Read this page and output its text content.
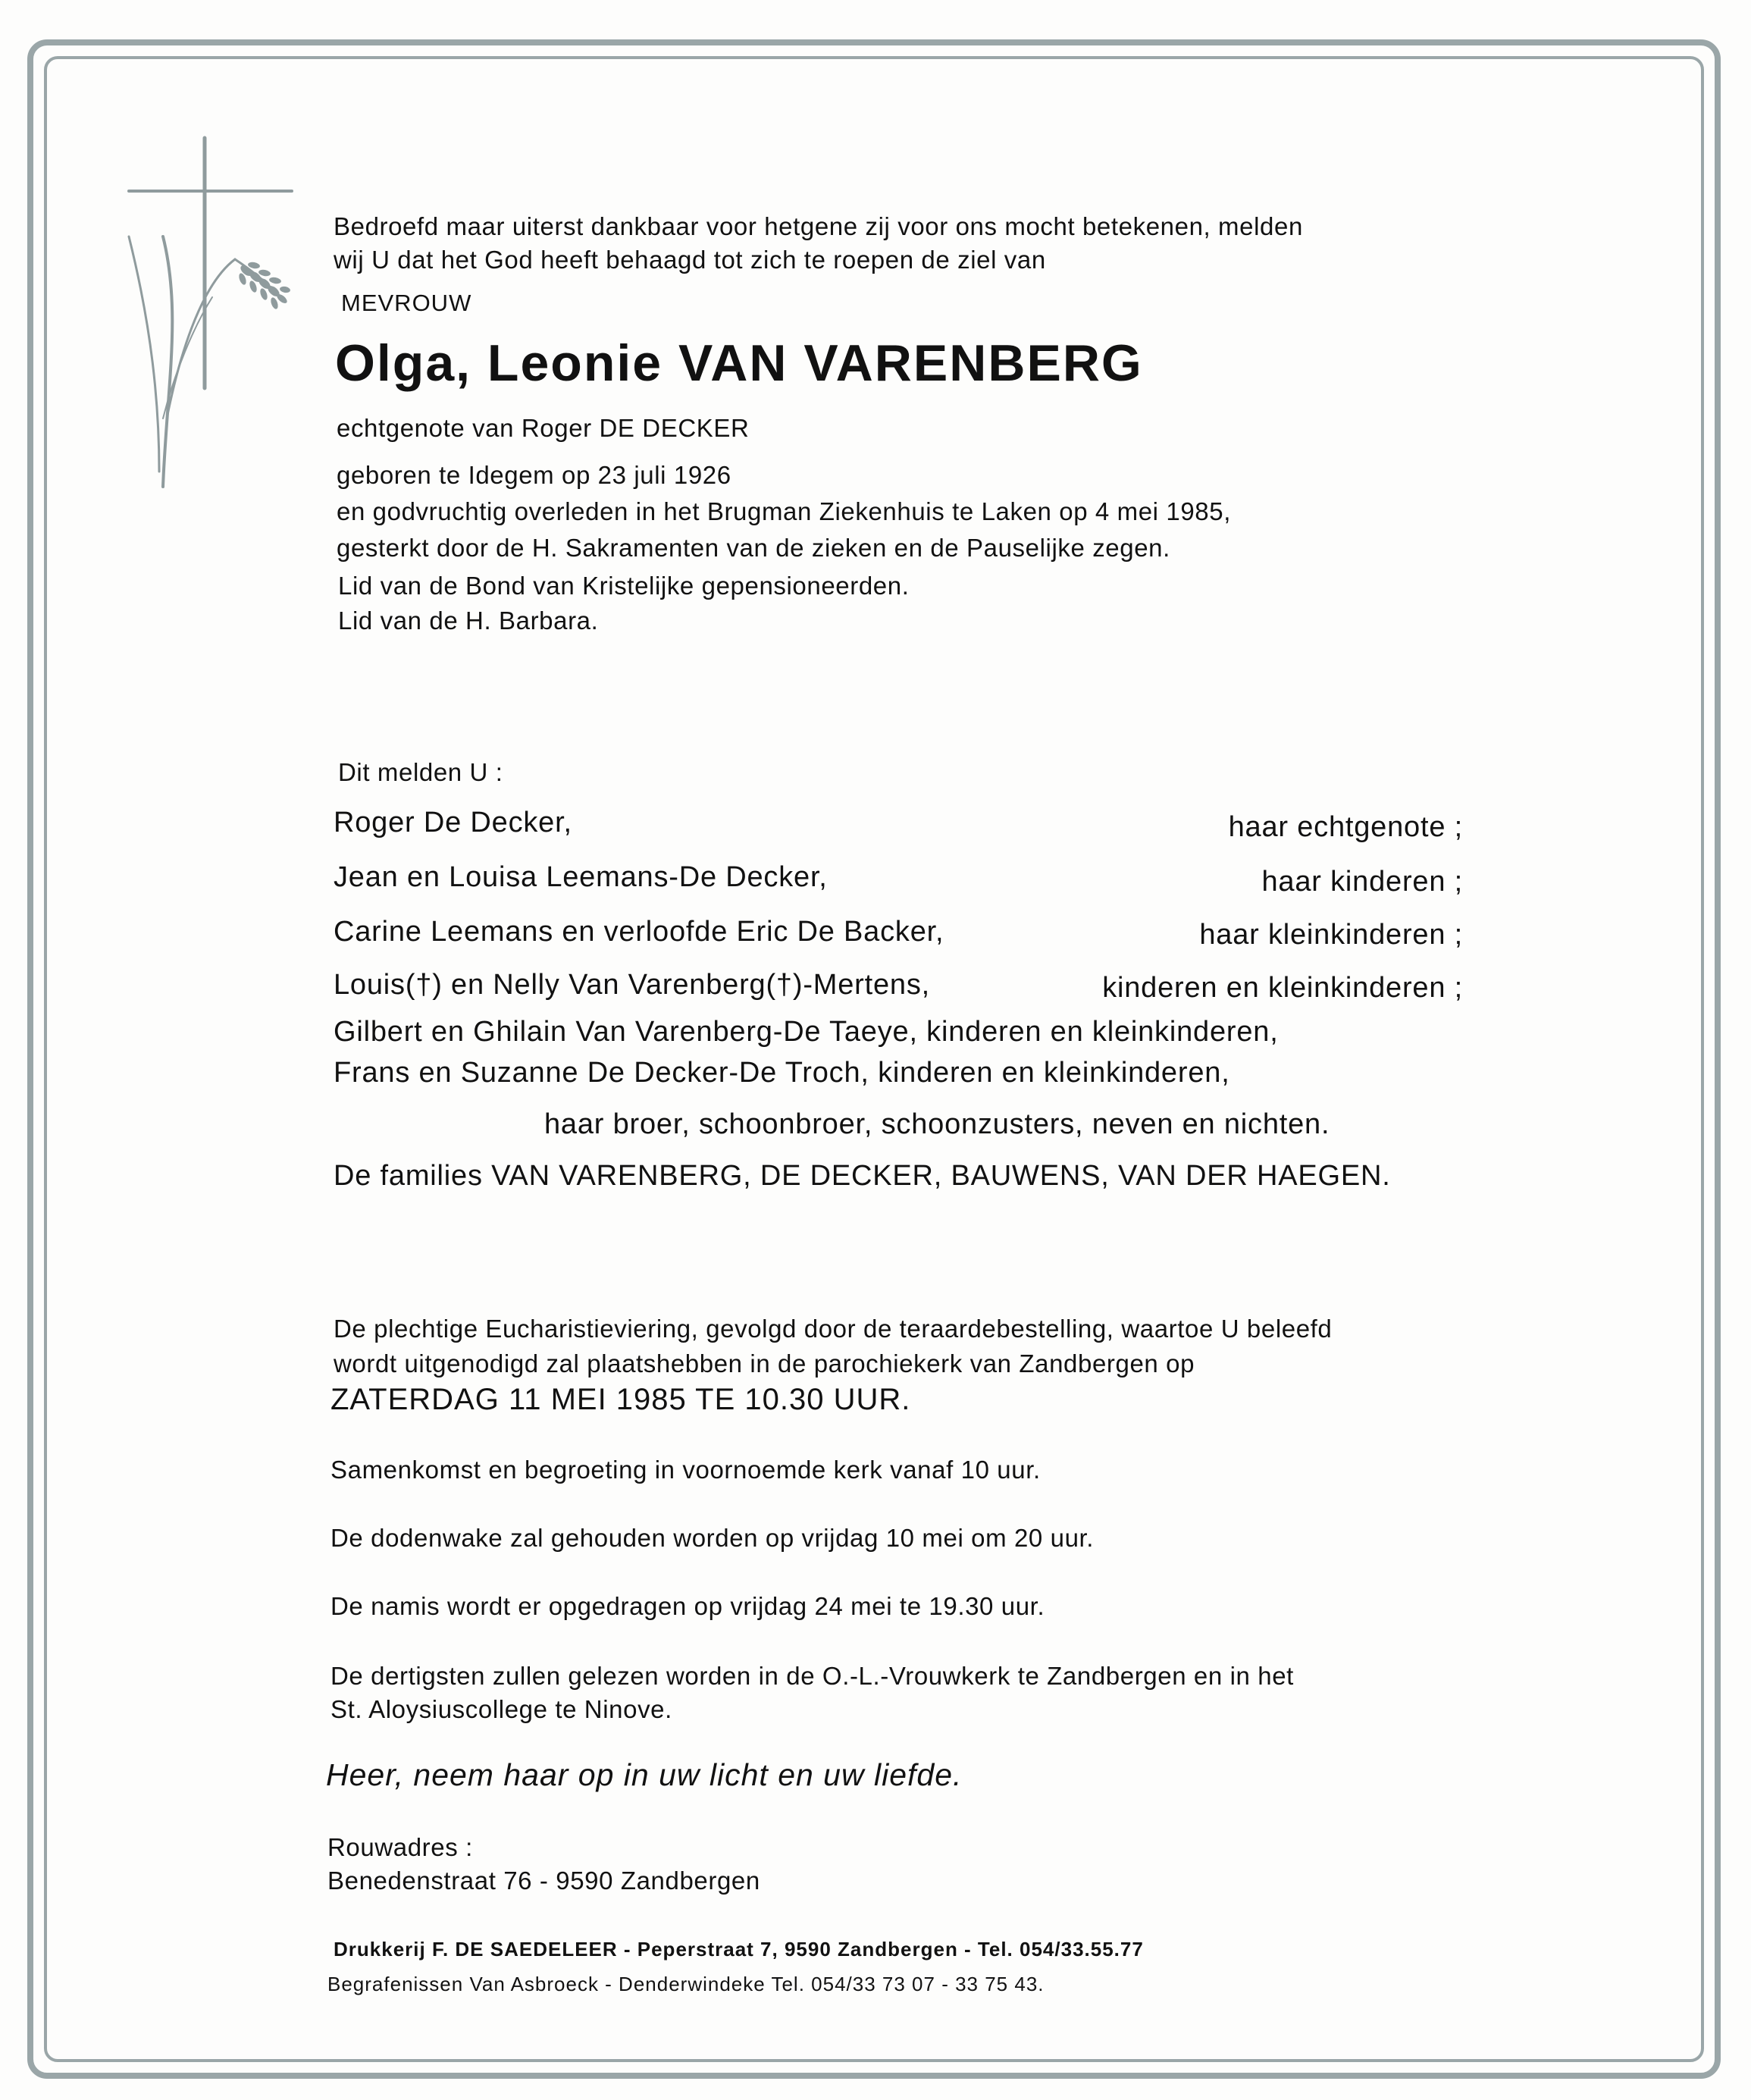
Bedroefd maar uiterst dankbaar voor hetgene zij voor ons mocht betekenen, melden
wij U dat het God heeft behaagd tot zich te roepen de ziel van
MEVROUW
Olga, Leonie VAN VARENBERG
echtgenote van Roger DE DECKER
geboren te Idegem op 23 juli 1926
en godvruchtig overleden in het Brugman Ziekenhuis te Laken op 4 mei 1985,
gesterkt door de H. Sakramenten van de zieken en de Pauselijke zegen.
Lid van de Bond van Kristelijke gepensioneerden.
Lid van de H. Barbara.
Dit melden U :
Roger De Decker,	haar echtgenote ;
Jean en Louisa Leemans-De Decker,	haar kinderen ;
Carine Leemans en verloofde Eric De Backer,	haar kleinkinderen ;
Louis(†) en Nelly Van Varenberg(†)-Mertens,	kinderen en kleinkinderen ;
Gilbert en Ghilain Van Varenberg-De Taeye, kinderen en kleinkinderen,
Frans en Suzanne De Decker-De Troch, kinderen en kleinkinderen,
haar broer, schoonbroer, schoonzusters, neven en nichten.
De families VAN VARENBERG, DE DECKER, BAUWENS, VAN DER HAEGEN.
De plechtige Eucharistieviering, gevolgd door de teraardebestelling, waartoe U beleefd
wordt uitgenodigd zal plaatshebben in de parochiekerk van Zandbergen op
ZATERDAG 11 MEI 1985 TE 10.30 UUR.
Samenkomst en begroeting in voornoemde kerk vanaf 10 uur.
De dodenwake zal gehouden worden op vrijdag 10 mei om 20 uur.
De namis wordt er opgedragen op vrijdag 24 mei te 19.30 uur.
De dertigsten zullen gelezen worden in de O.-L.-Vrouwkerk te Zandbergen en in het
St. Aloysiuscollege te Ninove.
Heer, neem haar op in uw licht en uw liefde.
Rouwadres :
Benedenstraat 76 - 9590 Zandbergen
Drukkerij F. DE SAEDELEER - Peperstraat 7, 9590 Zandbergen - Tel. 054/33.55.77
Begrafenissen Van Asbroeck - Denderwindeke Tel. 054/33 73 07 - 33 75 43.
